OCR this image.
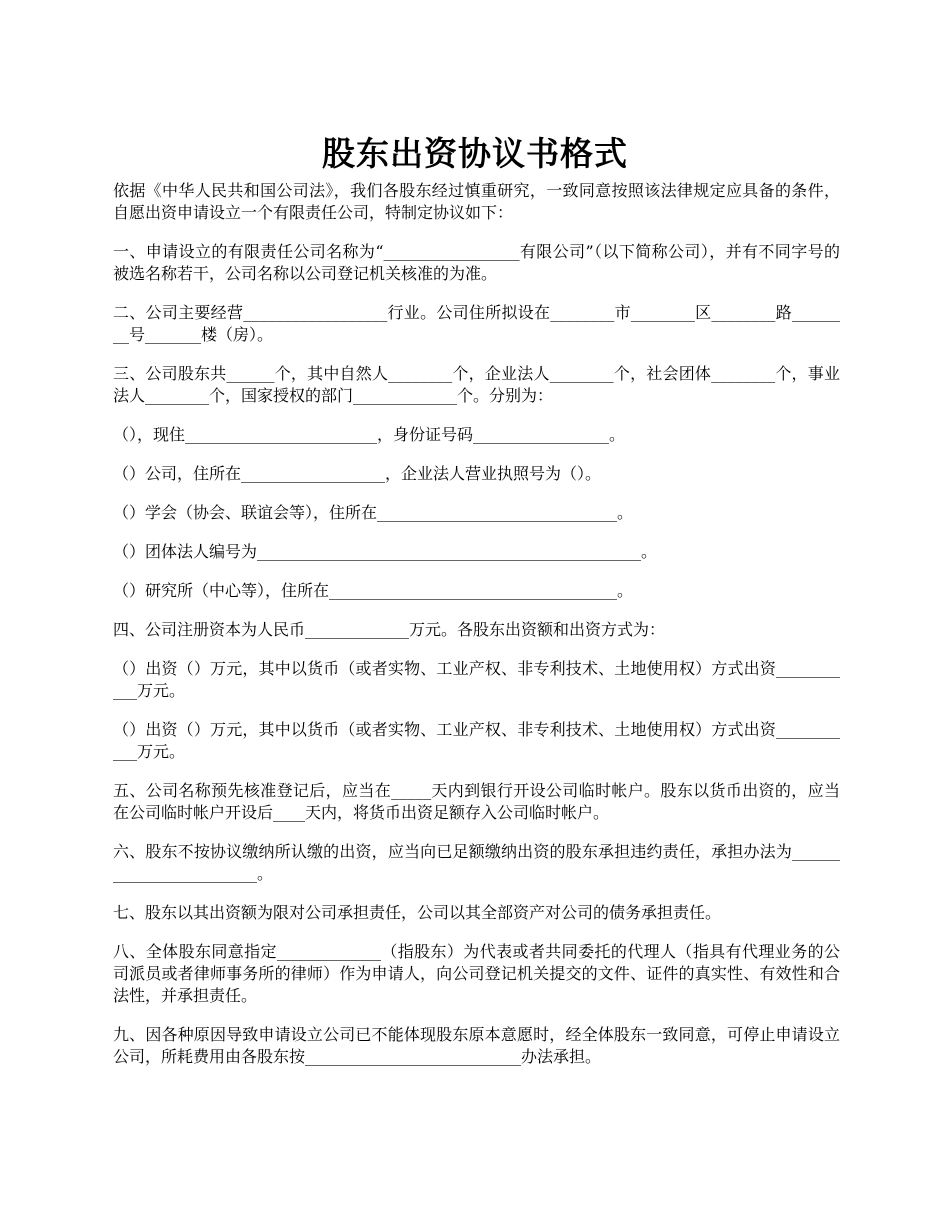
股东出资协议书格式

依据《中华人民共和国公司法》，我们各股东经过慎重研究，一致同意按照该法律规定应具备的条件，自愿出资申请设立一个有限责任公司，特制定协议如下：

一、申请设立的有限责任公司名称为“_________________有限公司”（以下简称公司），并有不同字号的被选名称若干，公司名称以公司登记机关核准的为准。

二、公司主要经营__________________行业。公司住所拟设在________市________区________路________号_______楼（房）。

三、公司股东共______个，其中自然人________个，企业法人________个，社会团体________个，事业法人________个，国家授权的部门_____________个。分别为：

（），现住________________________，身份证号码_________________。

（）公司，住所在__________________，企业法人营业执照号为（）。

（）学会（协会、联谊会等），住所在______________________________。

（）团体法人编号为________________________________________________。

（）研究所（中心等），住所在____________________________________。

四、公司注册资本为人民币_____________万元。各股东出资额和出资方式为：

（）出资（）万元，其中以货币（或者实物、工业产权、非专利技术、土地使用权）方式出资___________万元。

（）出资（）万元，其中以货币（或者实物、工业产权、非专利技术、土地使用权）方式出资___________万元。

五、公司名称预先核准登记后，应当在_____天内到银行开设公司临时帐户。股东以货币出资的，应当在公司临时帐户开设后____天内，将货币出资足额存入公司临时帐户。

六、股东不按协议缴纳所认缴的出资，应当向已足额缴纳出资的股东承担违约责任，承担办法为________________________。

七、股东以其出资额为限对公司承担责任，公司以其全部资产对公司的债务承担责任。

八、全体股东同意指定_____________（指股东）为代表或者共同委托的代理人（指具有代理业务的公司派员或者律师事务所的律师）作为申请人，向公司登记机关提交的文件、证件的真实性、有效性和合法性，并承担责任。

九、因各种原因导致申请设立公司已不能体现股东原本意愿时，经全体股东一致同意，可停止申请设立公司，所耗费用由各股东按___________________________办法承担。
